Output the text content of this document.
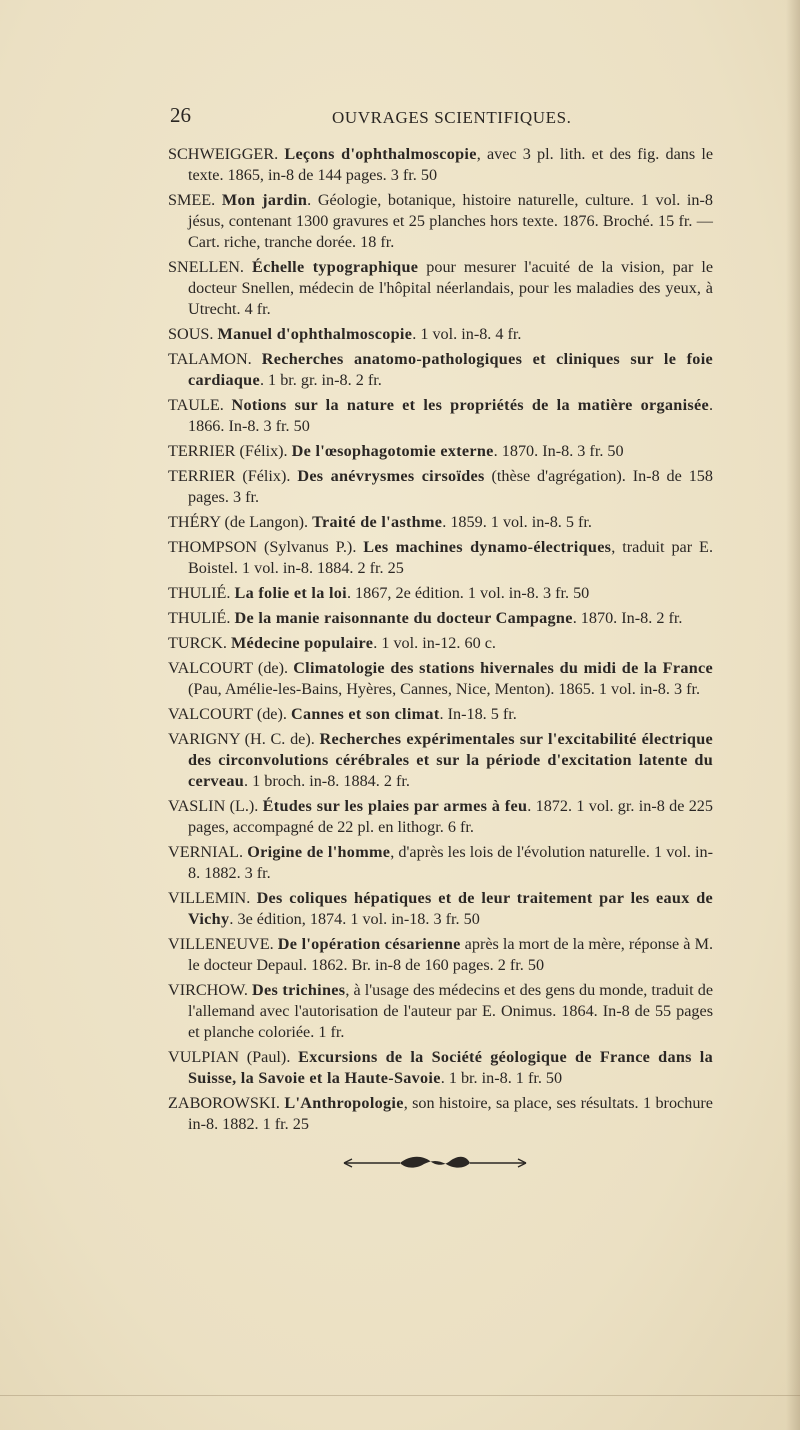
26	OUVRAGES SCIENTIFIQUES.

SCHWEIGGER. Leçons d'ophthalmoscopie, avec 3 pl. lith. et des fig. dans le texte. 1865, in-8 de 144 pages. 3 fr. 50

SMEE. Mon jardin. Géologie, botanique, histoire naturelle, culture. 1 vol. in-8 jésus, contenant 1300 gravures et 25 planches hors texte. 1876. Broché. 15 fr. — Cart. riche, tranche dorée. 18 fr.

SNELLEN. Échelle typographique pour mesurer l'acuité de la vision, par le docteur Snellen, médecin de l'hôpital néerlandais, pour les maladies des yeux, à Utrecht. 4 fr.

SOUS. Manuel d'ophthalmoscopie. 1 vol. in-8. 4 fr.

TALAMON. Recherches anatomo-pathologiques et cliniques sur le foie cardiaque. 1 br. gr. in-8. 2 fr.

TAULE. Notions sur la nature et les propriétés de la matière organisée. 1866. In-8. 3 fr. 50

TERRIER (Félix). De l'œsophagotomie externe. 1870. In-8. 3 fr. 50

TERRIER (Félix). Des anévrysmes cirsoïdes (thèse d'agrégation). In-8 de 158 pages. 3 fr.

THÉRY (de Langon). Traité de l'asthme. 1859. 1 vol. in-8. 5 fr.

THOMPSON (Sylvanus P.). Les machines dynamo-électriques, traduit par E. Boistel. 1 vol. in-8. 1884. 2 fr. 25

THULIÉ. La folie et la loi. 1867, 2e édition. 1 vol. in-8. 3 fr. 50

THULIÉ. De la manie raisonnante du docteur Campagne. 1870. In-8. 2 fr.

TURCK. Médecine populaire. 1 vol. in-12. 60 c.

VALCOURT (de). Climatologie des stations hivernales du midi de la France (Pau, Amélie-les-Bains, Hyères, Cannes, Nice, Menton). 1865. 1 vol. in-8. 3 fr.

VALCOURT (de). Cannes et son climat. In-18. 5 fr.

VARIGNY (H. C. de). Recherches expérimentales sur l'excitabilité électrique des circonvolutions cérébrales et sur la période d'excitation latente du cerveau. 1 broch. in-8. 1884. 2 fr.

VASLIN (L.). Études sur les plaies par armes à feu. 1872. 1 vol. gr. in-8 de 225 pages, accompagné de 22 pl. en lithogr. 6 fr.

VERNIAL. Origine de l'homme, d'après les lois de l'évolution naturelle. 1 vol. in-8. 1882. 3 fr.

VILLEMIN. Des coliques hépatiques et de leur traitement par les eaux de Vichy. 3e édition, 1874. 1 vol. in-18. 3 fr. 50

VILLENEUVE. De l'opération césarienne après la mort de la mère, réponse à M. le docteur Depaul. 1862. Br. in-8 de 160 pages. 2 fr. 50

VIRCHOW. Des trichines, à l'usage des médecins et des gens du monde, traduit de l'allemand avec l'autorisation de l'auteur par E. Onimus. 1864. In-8 de 55 pages et planche coloriée. 1 fr.

VULPIAN (Paul). Excursions de la Société géologique de France dans la Suisse, la Savoie et la Haute-Savoie. 1 br. in-8. 1 fr. 50

ZABOROWSKI. L'Anthropologie, son histoire, sa place, ses résultats. 1 brochure in-8. 1882. 1 fr. 25
